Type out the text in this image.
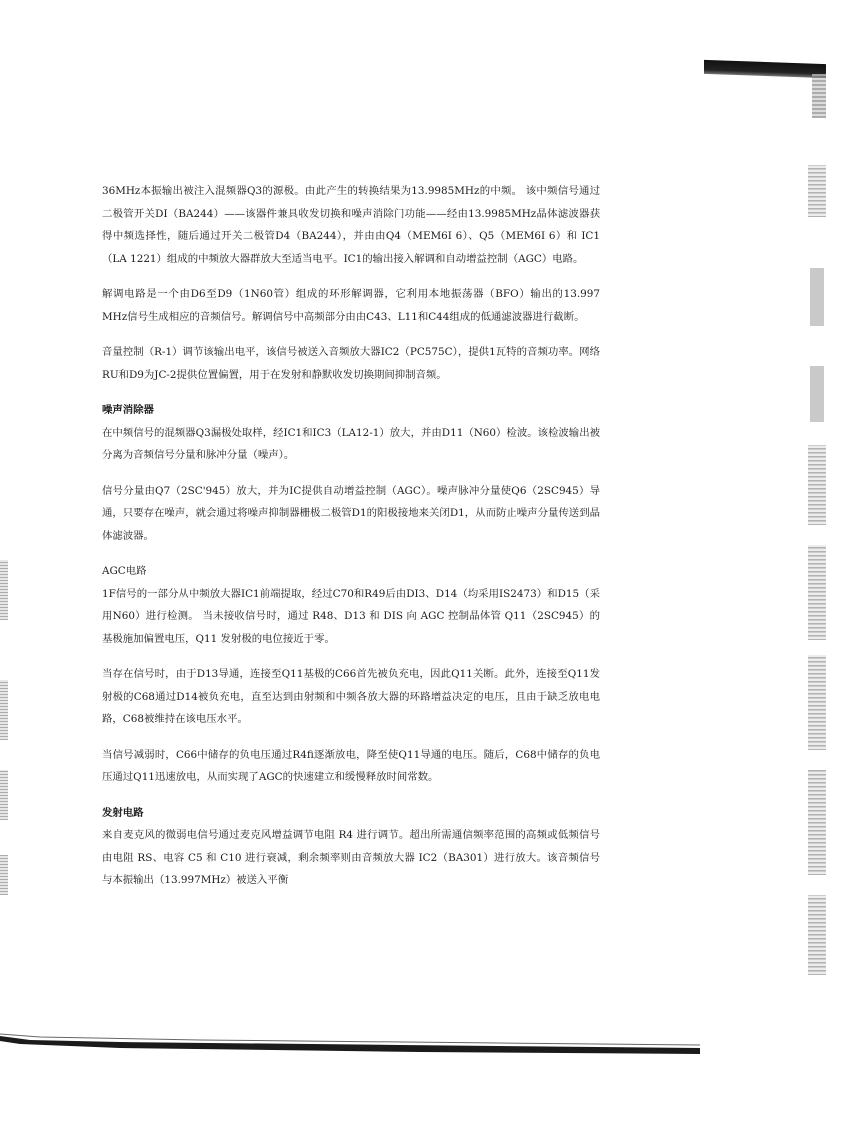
36MHz本振输出被注入混频器Q3的源极。由此产生的转换结果为13.9985MHz的中频。 该中频信号通过二极管开关DI（BA244）——该器件兼具收发切换和噪声消除门功能——经由13.9985MHz晶体滤波器获得中频选择性，随后通过开关二极管D4（BA244），并由由Q4（MEM6I 6）、Q5（MEM6I 6）和 IC1（LA 1221）组成的中频放大器群放大至适当电平。IC1的输出接入解调和自动增益控制（AGC）电路。

解调电路是一个由D6至D9（1N60管）组成的环形解调器，它利用本地振荡器（BFO）输出的13.997 MHz信号生成相应的音频信号。解调信号中高频部分由由C43、L11和C44组成的低通滤波器进行截断。

音量控制（R-1）调节该输出电平，该信号被送入音频放大器IC2（PC575C），提供1瓦特的音频功率。网络RU和D9为JC-2提供位置偏置，用于在发射和静默收发切换期间抑制音频。

噪声消除器

在中频信号的混频器Q3漏极处取样，经IC1和IC3（LA12-1）放大，并由D11（N60）检波。该检波输出被分离为音频信号分量和脉冲分量（噪声）。

信号分量由Q7（2SC'945）放大，并为IC提供自动增益控制（AGC）。噪声脉冲分量使Q6（2SC945）导通，只要存在噪声，就会通过将噪声抑制器栅极二极管D1的阳极接地来关闭D1，从而防止噪声分量传送到晶体滤波器。

AGC电路

1F信号的一部分从中频放大器IC1前端提取，经过C70和R49后由DI3、D14（均采用IS2473）和D15（采用N60）进行检测。 当未接收信号时，通过 R48、D13 和 DIS 向 AGC 控制晶体管 Q11（2SC945）的基极施加偏置电压，Q11 发射极的电位接近于零。

当存在信号时，由于D13导通，连接至Q11基极的C66首先被负充电，因此Q11关断。此外，连接至Q11发射极的C68通过D14被负充电，直至达到由射频和中频各放大器的环路增益决定的电压，且由于缺乏放电电路，C68被维持在该电压水平。

当信号减弱时，C66中储存的负电压通过R4fi逐渐放电，降至使Q11导通的电压。随后，C68中储存的负电压通过Q11迅速放电，从而实现了AGC的快速建立和缓慢释放时间常数。

发射电路

来自麦克风的微弱电信号通过麦克风增益调节电阻 R4 进行调节。超出所需通信频率范围的高频或低频信号由电阻 RS、电容 C5 和 C10 进行衰减，剩余频率则由音频放大器 IC2（BA301）进行放大。该音频信号与本振输出（13.997MHz）被送入平衡
